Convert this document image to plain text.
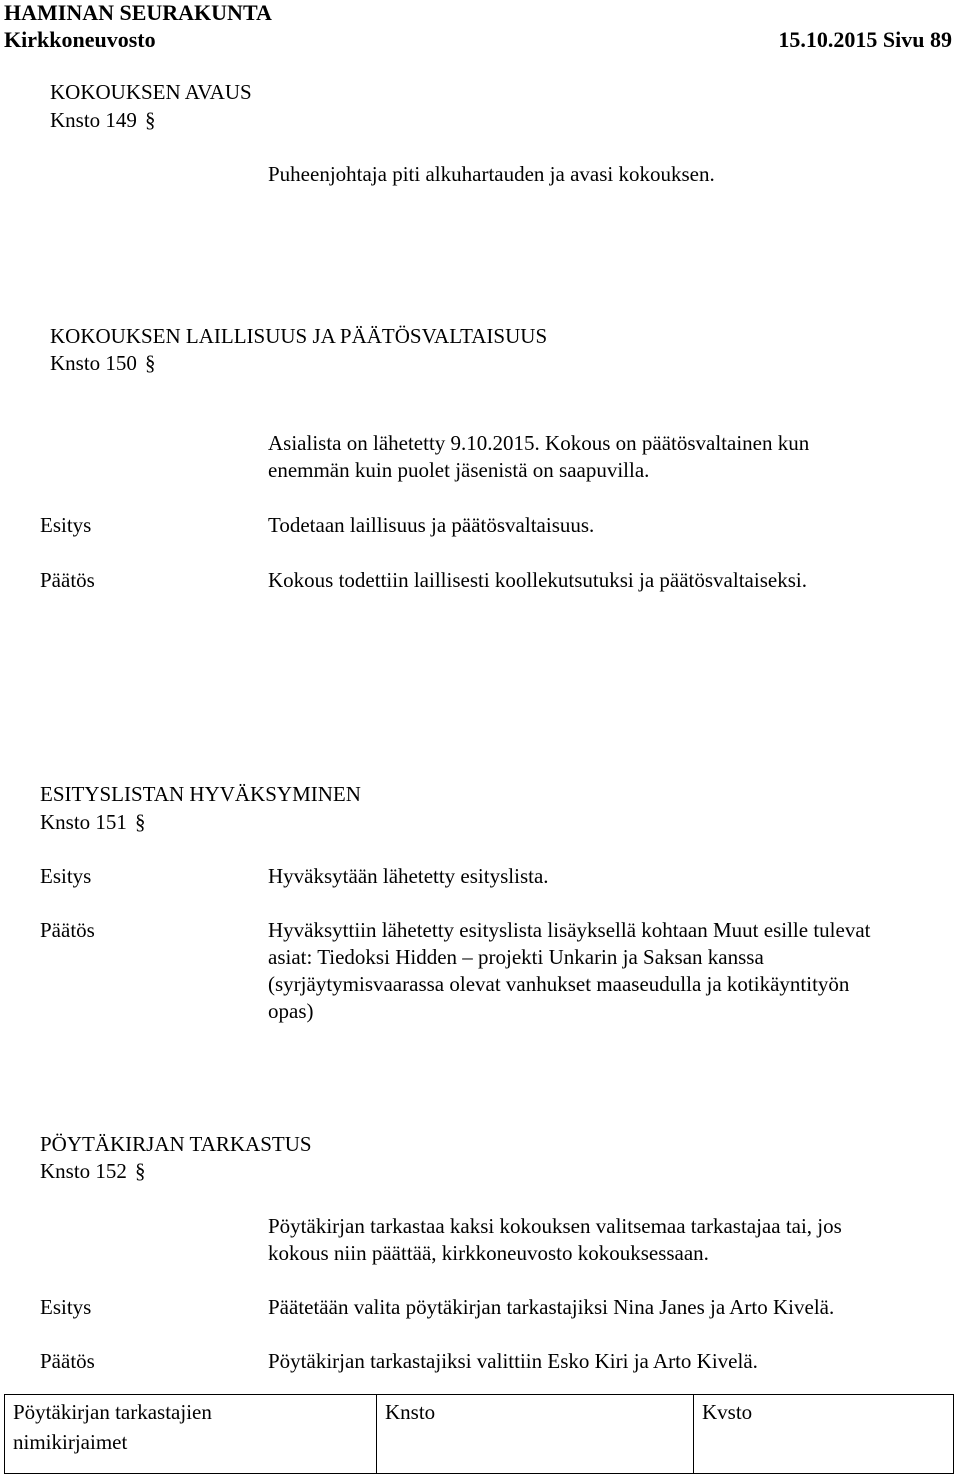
HAMINAN SEURAKUNTA
Kirkkoneuvosto	15.10.2015 Sivu 89
KOKOUKSEN AVAUS
Knsto 149 §
Puheenjohtaja piti alkuhartauden ja avasi kokouksen.
KOKOUKSEN LAILLISUUS JA PÄÄTÖSVALTAISUUS
Knsto 150 §
Asialista on lähetetty 9.10.2015. Kokous on päätösvaltainen kun
enemmän kuin puolet jäsenistä on saapuvilla.
Esitys	Todetaan laillisuus ja päätösvaltaisuus.
Päätös	Kokous todettiin laillisesti koollekutsutuksi ja päätösvaltaiseksi.
ESITYSLISTAN HYVÄKSYMINEN
Knsto 151 §
Esitys	Hyväksytään lähetetty esityslista.
Päätös	Hyväksyttiin lähetetty esityslista lisäyksellä kohtaan Muut esille tulevat
asiat: Tiedoksi Hidden – projekti Unkarin ja Saksan kanssa
(syrjäytymisvaarassa olevat vanhukset maaseudulla ja kotikäyntityön
opas)
PÖYTÄKIRJAN TARKASTUS
Knsto 152 §
Pöytäkirjan tarkastaa kaksi kokouksen valitsemaa tarkastajaa tai, jos
kokous niin päättää, kirkkoneuvosto kokouksessaan.
Esitys	Päätetään valita pöytäkirjan tarkastajiksi Nina Janes ja Arto Kivelä.
Päätös	Pöytäkirjan tarkastajiksi valittiin Esko Kiri ja Arto Kivelä.
Pöytäkirjan tarkastajien
nimikirjaimet
Knsto	Kvsto
